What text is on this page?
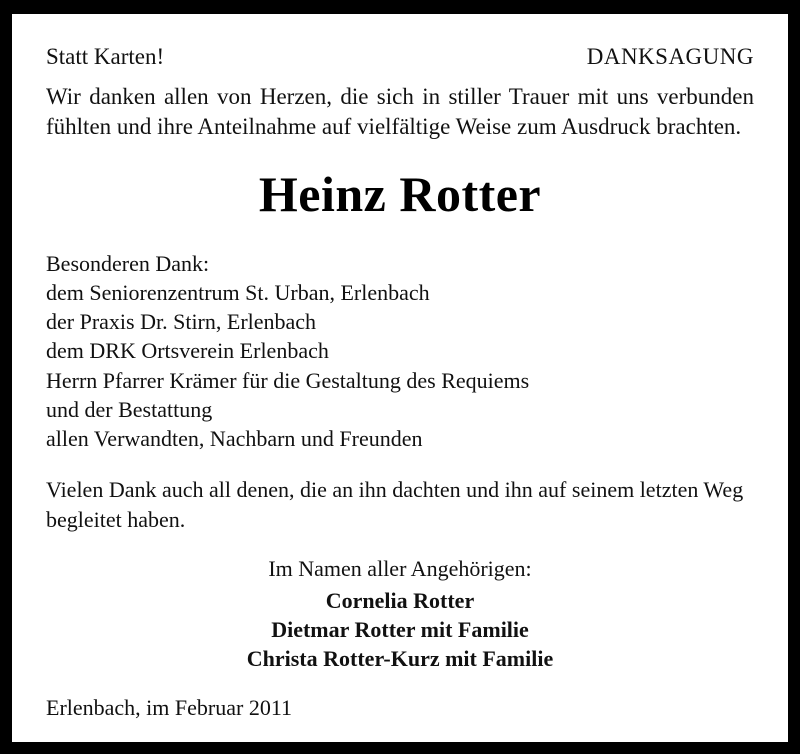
Statt Karten!	DANKSAGUNG

Wir danken allen von Herzen, die sich in stiller Trauer mit uns verbunden fühlten und ihre Anteilnahme auf vielfältige Weise zum Ausdruck brachten.

Heinz Rotter
Besonderen Dank:
dem Seniorenzentrum St. Urban, Erlenbach
der Praxis Dr. Stirn, Erlenbach
dem DRK Ortsverein Erlenbach
Herrn Pfarrer Krämer für die Gestaltung des Requiems
und der Bestattung
allen Verwandten, Nachbarn und Freunden

Vielen Dank auch all denen, die an ihn dachten und ihn auf seinem letzten Weg begleitet haben.

Im Namen aller Angehörigen:
Cornelia Rotter
Dietmar Rotter mit Familie
Christa Rotter-Kurz mit Familie
Erlenbach, im Februar 2011
